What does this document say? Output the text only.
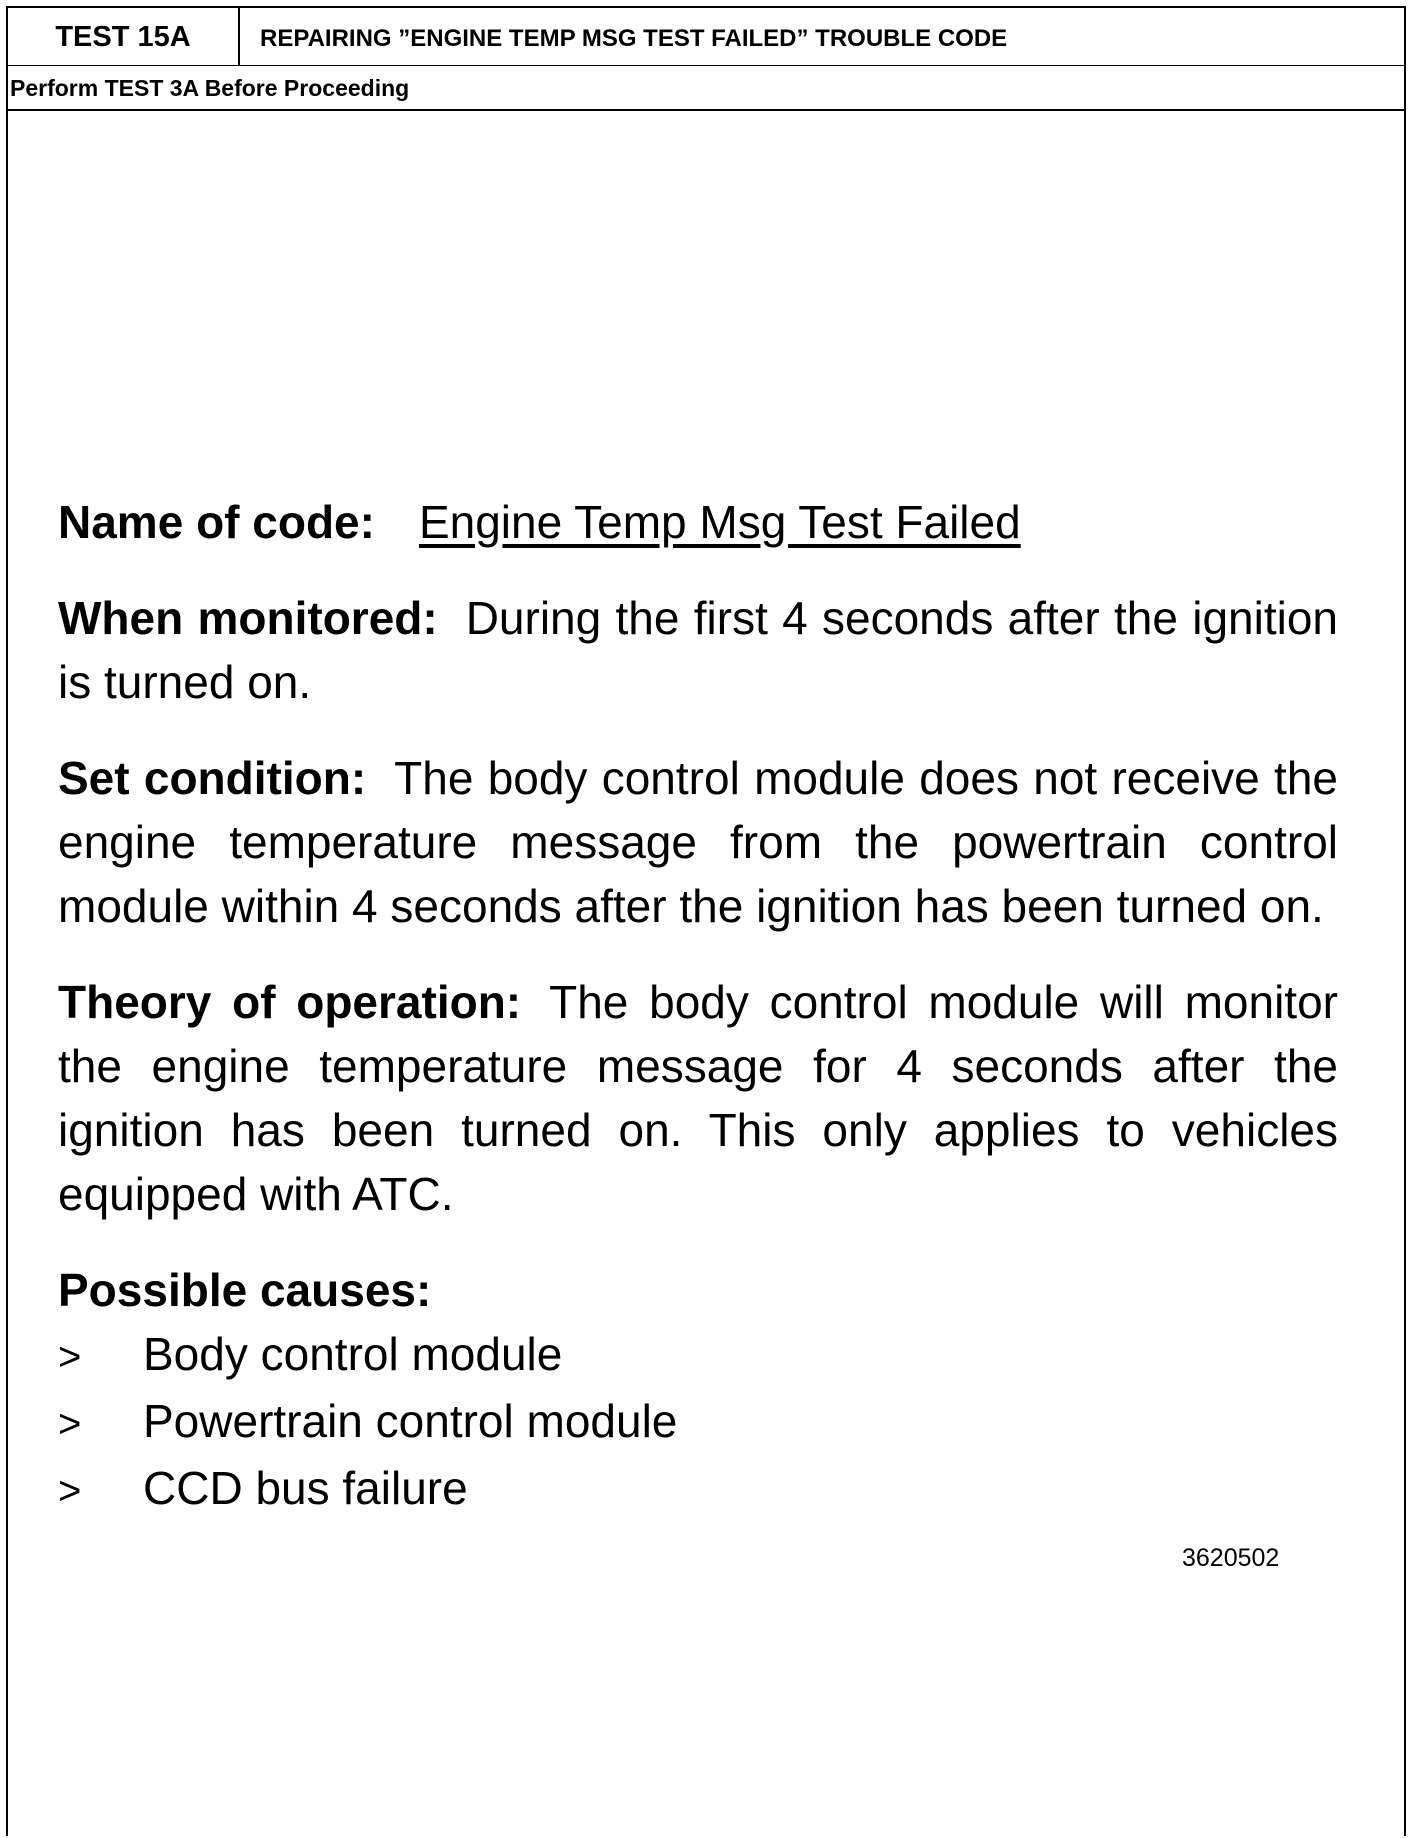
TEST 15A	REPAIRING ”ENGINE TEMP MSG TEST FAILED” TROUBLE CODE
Perform TEST 3A Before Proceeding

Name of code: Engine Temp Msg Test Failed

When monitored: During the first 4 seconds after the ignition is turned on.

Set condition: The body control module does not receive the engine temperature message from the powertrain control module within 4 seconds after the ignition has been turned on.

Theory of operation: The body control module will monitor the engine temperature message for 4 seconds after the ignition has been turned on. This only applies to vehicles equipped with ATC.

Possible causes:

>	Body control module
>	Powertrain control module
>	CCD bus failure
3620502
